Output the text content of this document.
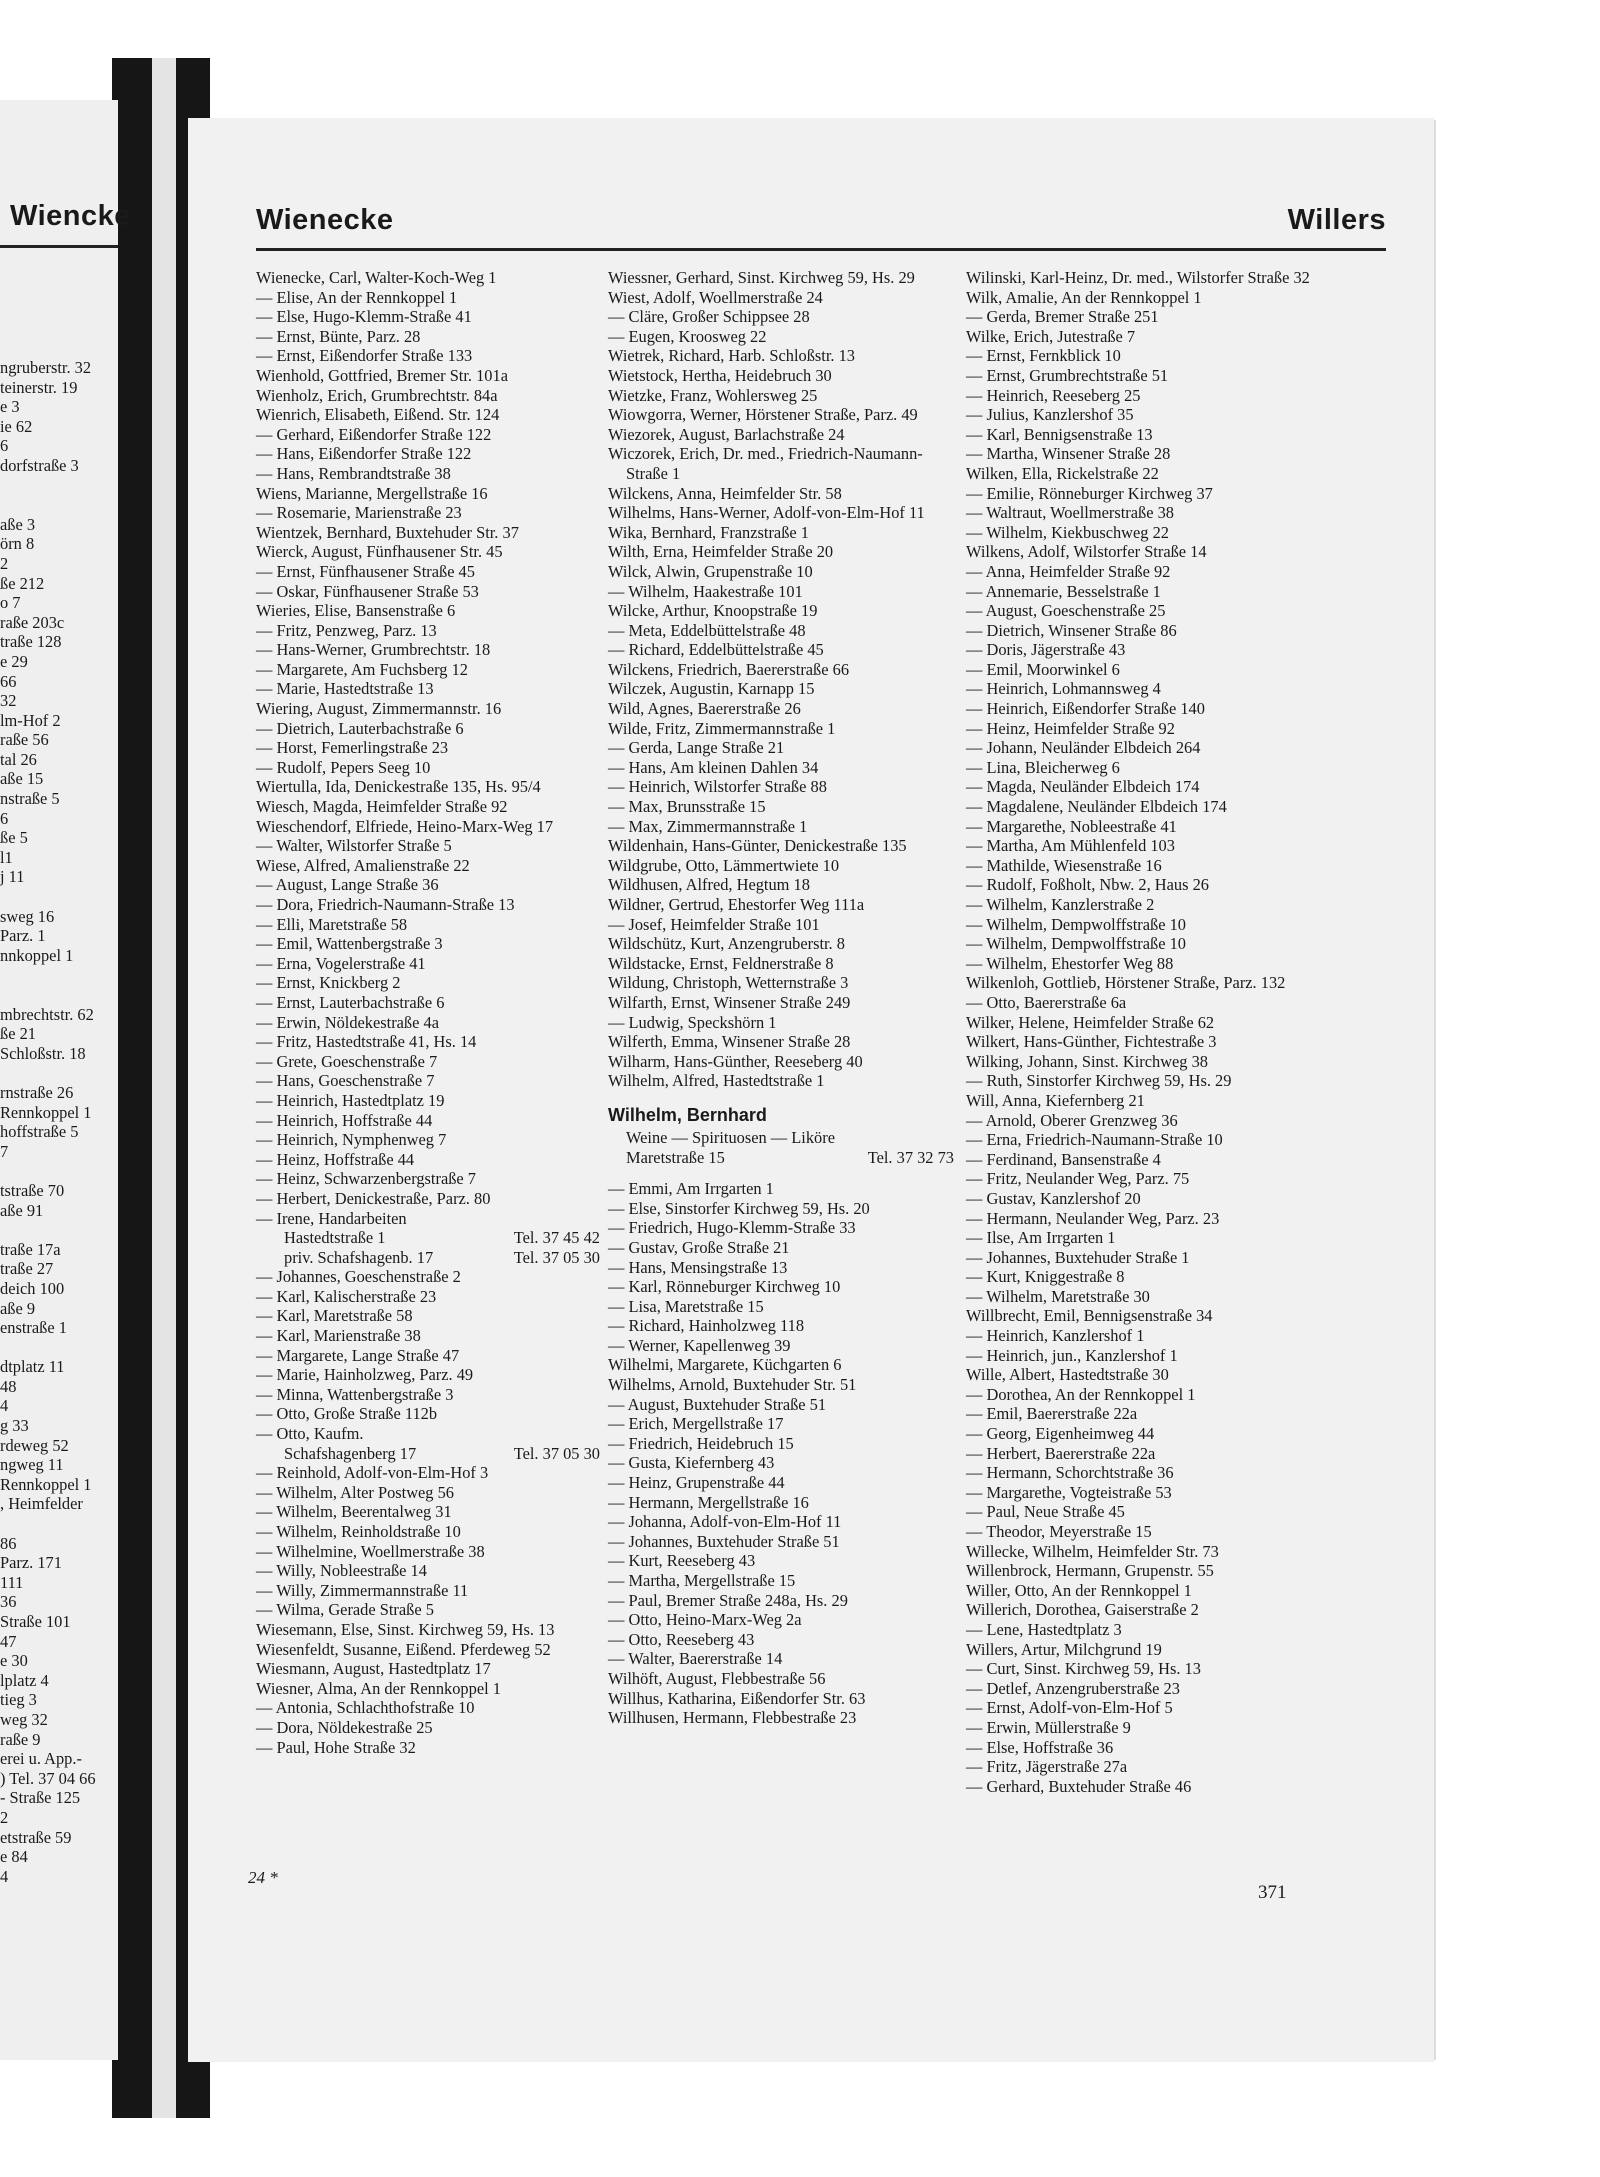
Wiencke
ngruberstr. 32
teinerstr. 19
e 3
ie 62
6
dorfstraße 3

aße 3
örn 8
2
ße 212
o 7
raße 203c
traße 128
e 29
66
32
lm-Hof 2
raße 56
tal 26
aße 15
nstraße 5
6
ße 5
l1
j 11

sweg 16
Parz. 1
nnkoppel 1

mbrechtstr. 62
ße 21
Schloßstr. 18

rnstraße 26
Rennkoppel 1
hoffstraße 5
7

tstraße 70
aße 91

traße 17a
traße 27
deich 100
aße 9
enstraße 1

dtplatz 11
48
4
g 33
rdeweg 52
ngweg 11
Rennkoppel 1
, Heimfelder

86
Parz. 171
111
36
Straße 101
47
e 30
lplatz 4
tieg 3
weg 32
raße 9
erei u. App.-
) Tel. 37 04 66
- Straße 125
2
etstraße 59
e 84
4
Wienecke	Willers
Wienecke, Carl, Walter-Koch-Weg 1
— Elise, An der Rennkoppel 1
— Else, Hugo-Klemm-Straße 41
— Ernst, Bünte, Parz. 28
— Ernst, Eißendorfer Straße 133
Wienhold, Gottfried, Bremer Str. 101a
Wienholz, Erich, Grumbrechtstr. 84a
Wienrich, Elisabeth, Eißend. Str. 124
— Gerhard, Eißendorfer Straße 122
— Hans, Eißendorfer Straße 122
— Hans, Rembrandtstraße 38
Wiens, Marianne, Mergellstraße 16
— Rosemarie, Marienstraße 23
Wientzek, Bernhard, Buxtehuder Str. 37
Wierck, August, Fünfhausener Str. 45
— Ernst, Fünfhausener Straße 45
— Oskar, Fünfhausener Straße 53
Wieries, Elise, Bansenstraße 6
— Fritz, Penzweg, Parz. 13
— Hans-Werner, Grumbrechtstr. 18
— Margarete, Am Fuchsberg 12
— Marie, Hastedtstraße 13
Wiering, August, Zimmermannstr. 16
— Dietrich, Lauterbachstraße 6
— Horst, Femerlingstraße 23
— Rudolf, Pepers Seeg 10
Wiertulla, Ida, Denickestraße 135, Hs. 95/4
Wiesch, Magda, Heimfelder Straße 92
Wieschendorf, Elfriede, Heino-Marx-Weg 17
— Walter, Wilstorfer Straße 5
Wiese, Alfred, Amalienstraße 22
— August, Lange Straße 36
— Dora, Friedrich-Naumann-Straße 13
— Elli, Maretstraße 58
— Emil, Wattenbergstraße 3
— Erna, Vogelerstraße 41
— Ernst, Knickberg 2
— Ernst, Lauterbachstraße 6
— Erwin, Nöldekestraße 4a
— Fritz, Hastedtstraße 41, Hs. 14
— Grete, Goeschenstraße 7
— Hans, Goeschenstraße 7
— Heinrich, Hastedtplatz 19
— Heinrich, Hoffstraße 44
— Heinrich, Nymphenweg 7
— Heinz, Hoffstraße 44
— Heinz, Schwarzenbergstraße 7
— Herbert, Denickestraße, Parz. 80
— Irene, Handarbeiten
Hastedtstraße 1	Tel. 37 45 42
priv. Schafshagenb. 17	Tel. 37 05 30
— Johannes, Goeschenstraße 2
— Karl, Kalischerstraße 23
— Karl, Maretstraße 58
— Karl, Marienstraße 38
— Margarete, Lange Straße 47
— Marie, Hainholzweg, Parz. 49
— Minna, Wattenbergstraße 3
— Otto, Große Straße 112b
— Otto, Kaufm.
Schafshagenberg 17	Tel. 37 05 30
— Reinhold, Adolf-von-Elm-Hof 3
— Wilhelm, Alter Postweg 56
— Wilhelm, Beerentalweg 31
— Wilhelm, Reinholdstraße 10
— Wilhelmine, Woellmerstraße 38
— Willy, Nobleestraße 14
— Willy, Zimmermannstraße 11
— Wilma, Gerade Straße 5
Wiesemann, Else, Sinst. Kirchweg 59, Hs. 13
Wiesenfeldt, Susanne, Eißend. Pferdeweg 52
Wiesmann, August, Hastedtplatz 17
Wiesner, Alma, An der Rennkoppel 1
— Antonia, Schlachthofstraße 10
— Dora, Nöldekestraße 25
— Paul, Hohe Straße 32
Wiessner, Gerhard, Sinst. Kirchweg 59, Hs. 29
Wiest, Adolf, Woellmerstraße 24
— Cläre, Großer Schippsee 28
— Eugen, Kroosweg 22
Wietrek, Richard, Harb. Schloßstr. 13
Wietstock, Hertha, Heidebruch 30
Wietzke, Franz, Wohlersweg 25
Wiowgorra, Werner, Hörstener Straße, Parz. 49
Wiezorek, August, Barlachstraße 24
Wiczorek, Erich, Dr. med., Friedrich-Naumann-Straße 1
Wilckens, Anna, Heimfelder Str. 58
Wilhelms, Hans-Werner, Adolf-von-Elm-Hof 11
Wika, Bernhard, Franzstraße 1
Wilth, Erna, Heimfelder Straße 20
Wilck, Alwin, Grupenstraße 10
— Wilhelm, Haakestraße 101
Wilcke, Arthur, Knoopstraße 19
— Meta, Eddelbüttelstraße 48
— Richard, Eddelbüttelstraße 45
Wilckens, Friedrich, Baererstraße 66
Wilczek, Augustin, Karnapp 15
Wild, Agnes, Baererstraße 26
Wilde, Fritz, Zimmermannstraße 1
— Gerda, Lange Straße 21
— Hans, Am kleinen Dahlen 34
— Heinrich, Wilstorfer Straße 88
— Max, Brunsstraße 15
— Max, Zimmermannstraße 1
Wildenhain, Hans-Günter, Denickestraße 135
Wildgrube, Otto, Lämmertwiete 10
Wildhusen, Alfred, Hegtum 18
Wildner, Gertrud, Ehestorfer Weg 111a
— Josef, Heimfelder Straße 101
Wildschütz, Kurt, Anzengruberstr. 8
Wildstacke, Ernst, Feldnerstraße 8
Wildung, Christoph, Wetternstraße 3
Wilfarth, Ernst, Winsener Straße 249
— Ludwig, Speckshörn 1
Wilferth, Emma, Winsener Straße 28
Wilharm, Hans-Günther, Reeseberg 40
Wilhelm, Alfred, Hastedtstraße 1
Wilhelm, Bernhard
Weine — Spirituosen — Liköre
Maretstraße 15	Tel. 37 32 73
— Emmi, Am Irrgarten 1
— Else, Sinstorfer Kirchweg 59, Hs. 20
— Friedrich, Hugo-Klemm-Straße 33
— Gustav, Große Straße 21
— Hans, Mensingstraße 13
— Karl, Rönneburger Kirchweg 10
— Lisa, Maretstraße 15
— Richard, Hainholzweg 118
— Werner, Kapellenweg 39
Wilhelmi, Margarete, Küchgarten 6
Wilhelms, Arnold, Buxtehuder Str. 51
— August, Buxtehuder Straße 51
— Erich, Mergellstraße 17
— Friedrich, Heidebruch 15
— Gusta, Kiefernberg 43
— Heinz, Grupenstraße 44
— Hermann, Mergellstraße 16
— Johanna, Adolf-von-Elm-Hof 11
— Johannes, Buxtehuder Straße 51
— Kurt, Reeseberg 43
— Martha, Mergellstraße 15
— Paul, Bremer Straße 248a, Hs. 29
— Otto, Heino-Marx-Weg 2a
— Otto, Reeseberg 43
— Walter, Baererstraße 14
Wilhöft, August, Flebbestraße 56
Willhus, Katharina, Eißendorfer Str. 63
Willhusen, Hermann, Flebbestraße 23
Wilinski, Karl-Heinz, Dr. med., Wilstorfer Straße 32
Wilk, Amalie, An der Rennkoppel 1
— Gerda, Bremer Straße 251
Wilke, Erich, Jutestraße 7
— Ernst, Fernkblick 10
— Ernst, Grumbrechtstraße 51
— Heinrich, Reeseberg 25
— Julius, Kanzlershof 35
— Karl, Bennigsenstraße 13
— Martha, Winsener Straße 28
Wilken, Ella, Rickelstraße 22
— Emilie, Rönneburger Kirchweg 37
— Waltraut, Woellmerstraße 38
— Wilhelm, Kiekbuschweg 22
Wilkens, Adolf, Wilstorfer Straße 14
— Anna, Heimfelder Straße 92
— Annemarie, Besselstraße 1
— August, Goeschenstraße 25
— Dietrich, Winsener Straße 86
— Doris, Jägerstraße 43
— Emil, Moorwinkel 6
— Heinrich, Lohmannsweg 4
— Heinrich, Eißendorfer Straße 140
— Heinz, Heimfelder Straße 92
— Johann, Neuländer Elbdeich 264
— Lina, Bleicherweg 6
— Magda, Neuländer Elbdeich 174
— Magdalene, Neuländer Elbdeich 174
— Margarethe, Nobleestraße 41
— Martha, Am Mühlenfeld 103
— Mathilde, Wiesenstraße 16
— Rudolf, Foßholt, Nbw. 2, Haus 26
— Wilhelm, Kanzlerstraße 2
— Wilhelm, Dempwolffstraße 10
— Wilhelm, Dempwolffstraße 10
— Wilhelm, Ehestorfer Weg 88
Wilkenloh, Gottlieb, Hörstener Straße, Parz. 132
— Otto, Baererstraße 6a
Wilker, Helene, Heimfelder Straße 62
Wilkert, Hans-Günther, Fichtestraße 3
Wilking, Johann, Sinst. Kirchweg 38
— Ruth, Sinstorfer Kirchweg 59, Hs. 29
Will, Anna, Kiefernberg 21
— Arnold, Oberer Grenzweg 36
— Erna, Friedrich-Naumann-Straße 10
— Ferdinand, Bansenstraße 4
— Fritz, Neulander Weg, Parz. 75
— Gustav, Kanzlershof 20
— Hermann, Neulander Weg, Parz. 23
— Ilse, Am Irrgarten 1
— Johannes, Buxtehuder Straße 1
— Kurt, Kniggestraße 8
— Wilhelm, Maretstraße 30
Willbrecht, Emil, Bennigsenstraße 34
— Heinrich, Kanzlershof 1
— Heinrich, jun., Kanzlershof 1
Wille, Albert, Hastedtstraße 30
— Dorothea, An der Rennkoppel 1
— Emil, Baererstraße 22a
— Georg, Eigenheimweg 44
— Herbert, Baererstraße 22a
— Hermann, Schorchtstraße 36
— Margarethe, Vogteistraße 53
— Paul, Neue Straße 45
— Theodor, Meyerstraße 15
Willecke, Wilhelm, Heimfelder Str. 73
Willenbrock, Hermann, Grupenstr. 55
Willer, Otto, An der Rennkoppel 1
Willerich, Dorothea, Gaiserstraße 2
— Lene, Hastedtplatz 3
Willers, Artur, Milchgrund 19
— Curt, Sinst. Kirchweg 59, Hs. 13
— Detlef, Anzengruberstraße 23
— Ernst, Adolf-von-Elm-Hof 5
— Erwin, Müllerstraße 9
— Else, Hoffstraße 36
— Fritz, Jägerstraße 27a
— Gerhard, Buxtehuder Straße 46
24 *
371
